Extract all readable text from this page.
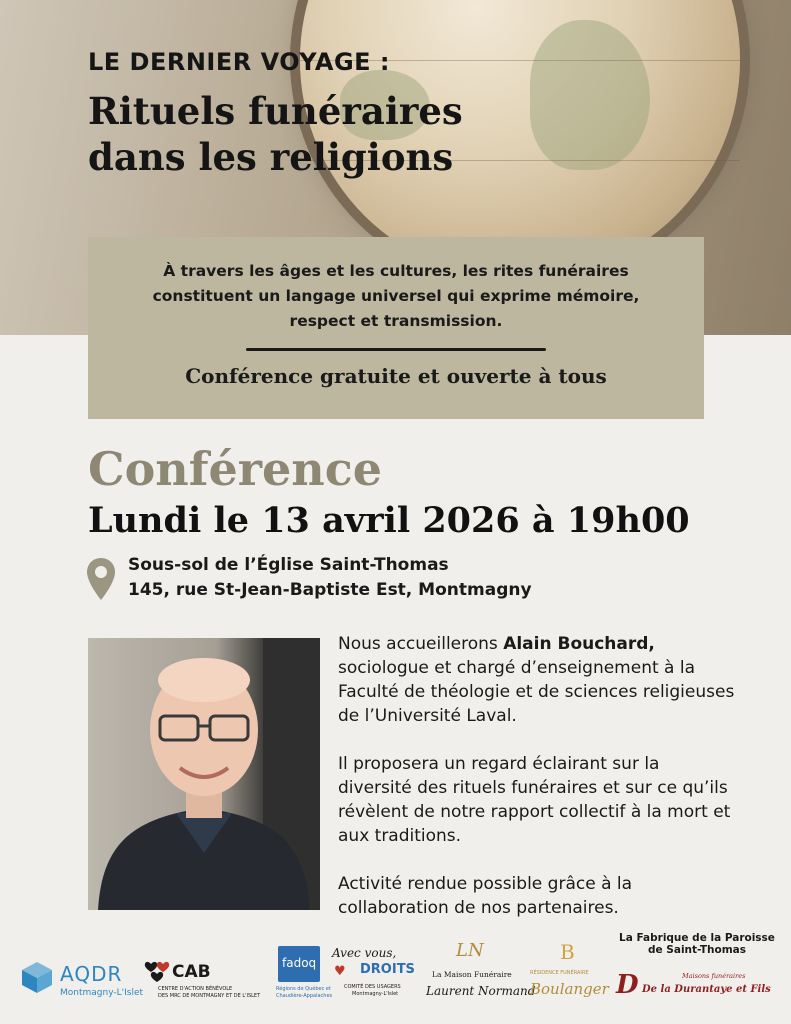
LE DERNIER VOYAGE :
Rituels funéraires
dans les religions

À travers les âges et les cultures, les rites funéraires constituent un langage universel qui exprime mémoire, respect et transmission.

Conférence gratuite et ouverte à tous

Conférence
Lundi le 13 avril 2026 à 19h00

Sous-sol de l’Église Saint-Thomas
145, rue St-Jean-Baptiste Est, Montmagny

Nous accueillerons Alain Bouchard, sociologue et chargé d’enseignement à la Faculté de théologie et de sciences religieuses de l’Université Laval.

Il proposera un regard éclairant sur la diversité des rituels funéraires et sur ce qu’ils révèlent de notre rapport collectif à la mort et aux traditions.

Activité rendue possible grâce à la collaboration de nos partenaires.

AQDR
Montmagny-L'Islet
CAB
CENTRE D'ACTION BÉNÉVOLE
DES MRC DE MONTMAGNY ET DE L'ISLET
fadoq
Régions de Québec et
Chaudière-Appalaches
Avec vous,
♥ DROITS
COMITÉ DES USAGERS
Montmagny-L'Islet
LN
La Maison Funéraire
Laurent Normand
B
RÉSIDENCE FUNÉRAIRE
Boulanger
La Fabrique de la Paroisse
de Saint-Thomas
D	Maisons funéraires
De la Durantaye et Fils
